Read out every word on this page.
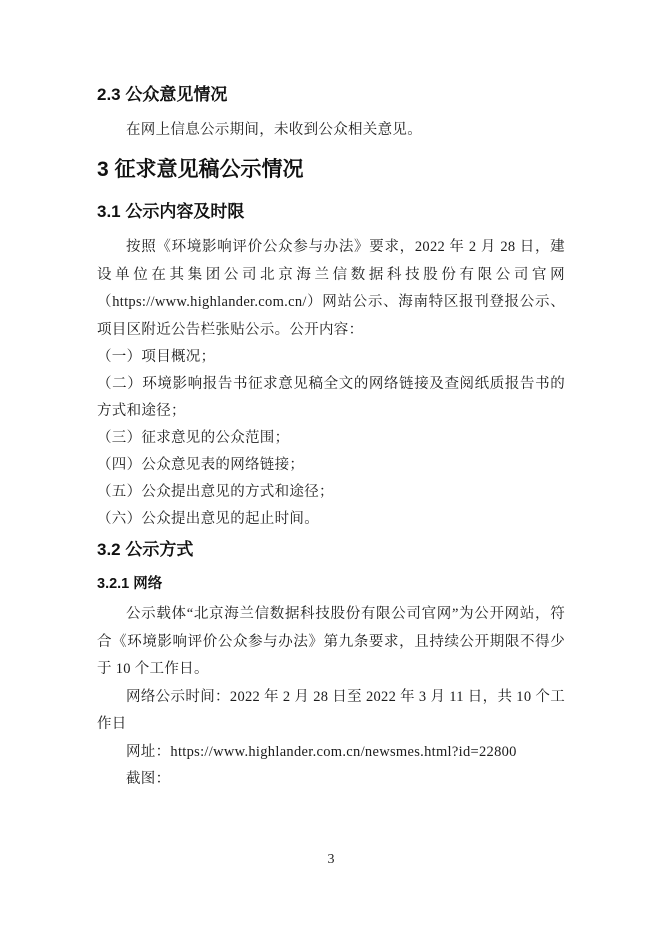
2.3 公众意见情况

在网上信息公示期间，未收到公众相关意见。

3 征求意见稿公示情况
3.1 公示内容及时限

按照《环境影响评价公众参与办法》要求，2022 年 2 月 28 日，建设单位在其集团公司北京海兰信数据科技股份有限公司官网（https://www.highlander.com.cn/）网站公示、海南特区报刊登报公示、项目区附近公告栏张贴公示。公开内容：

（一）项目概况；

（二）环境影响报告书征求意见稿全文的网络链接及查阅纸质报告书的方式和途径；

（三）征求意见的公众范围；

（四）公众意见表的网络链接；

（五）公众提出意见的方式和途径；

（六）公众提出意见的起止时间。

3.2 公示方式
3.2.1 网络

公示载体“北京海兰信数据科技股份有限公司官网”为公开网站，符合《环境影响评价公众参与办法》第九条要求，且持续公开期限不得少于 10 个工作日。

网络公示时间：2022 年 2 月 28 日至 2022 年 3 月 11 日，共 10 个工作日

网址：https://www.highlander.com.cn/newsmes.html?id=22800

截图：

3
